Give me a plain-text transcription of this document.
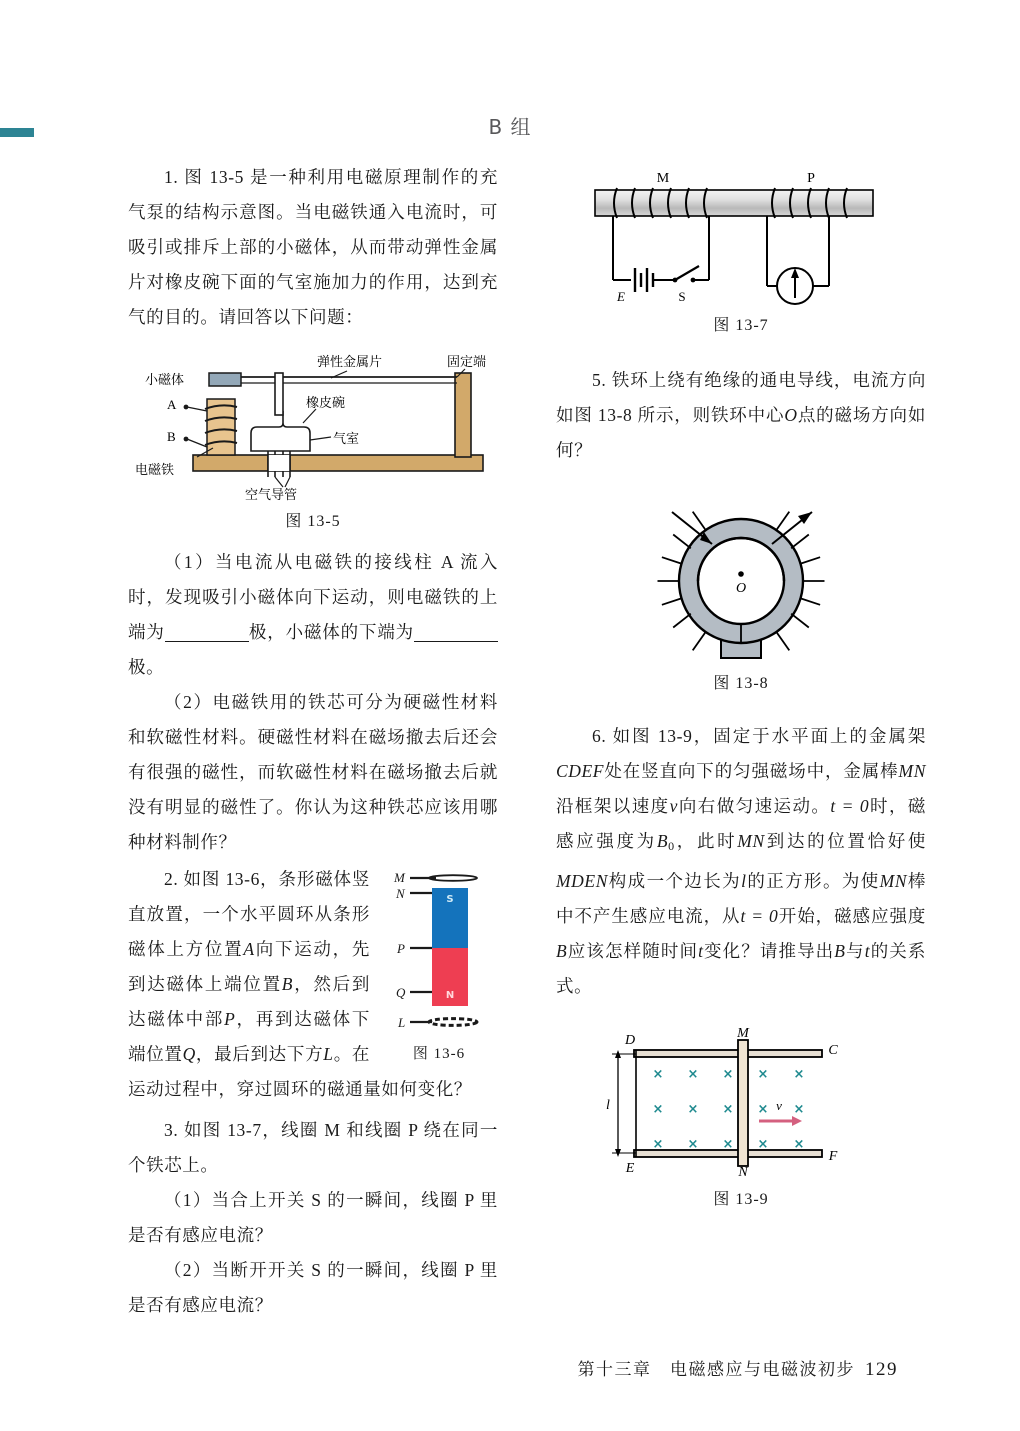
B 组

1. 图 13-5 是一种利用电磁原理制作的充气泵的结构示意图。当电磁铁通入电流时，可吸引或排斥上部的小磁体，从而带动弹性金属片对橡皮碗下面的气室施加力的作用，达到充气的目的。请回答以下问题：

小磁体
弹性金属片	固定端
橡皮碗
气室
A
B
电磁铁
空气导管
图 13-5

（1）当电流从电磁铁的接线柱 A 流入时，发现吸引小磁体向下运动，则电磁铁的上端为	极，小磁体的下端为极。

（2）电磁铁用的铁芯可分为硬磁性材料和软磁性材料。硬磁性材料在磁场撤去后还会有很强的磁性，而软磁性材料在磁场撤去后就没有明显的磁性了。你认为这种铁芯应该用哪种材料制作？

S
N
M
N
P
Q
L
图 13-6

2. 如图 13-6，条形磁体竖直放置，一个水平圆环从条形磁体上方位置A向下运动，先到达磁体上端位置B，然后到达磁体中部P，再到达磁体下端位置Q，最后到达下方L。在运动过程中，穿过圆环的磁通量如何变化？

3. 如图 13-7，线圈 M 和线圈 P 绕在同一个铁芯上。

（1）当合上开关 S 的一瞬间，线圈 P 里是否有感应电流？

（2）当断开开关 S 的一瞬间，线圈 P 里是否有感应电流？

M	P
E	S
图 13-7

5. 铁环上绕有绝缘的通电导线，电流方向如图 13-8 所示，则铁环中心O点的磁场方向如何？

O
图 13-8

6. 如图 13-9，固定于水平面上的金属架CDEF处在竖直向下的匀强磁场中，金属棒MN沿框架以速度v向右做匀速运动。t = 0时，磁感应强度为$B_0$，此时MN到达的位置恰好使MDEN构成一个边长为l的正方形。为使MN棒中不产生感应电流，从t = 0开始，磁感应强度B应该怎样随时间t变化？请推导出B与t的关系式。

× × × × ×
× × × × ×
× × × × ×
D
C
E
F
M
N
l	v
图 13-9
第十三章　电磁感应与电磁波初步 129
